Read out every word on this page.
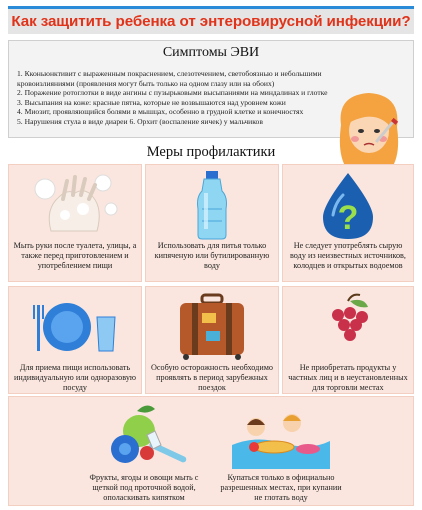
Как защитить ребенка от энтеровирусной инфекции?
Симптомы ЭВИ
1. Кконьюнктивит с выраженным покраснением, слезотечением, светобоязнью и небольшими кровоизлияниями (проявления могут быть только на одном глазу или на обоих)
2. Поражение ротоглотки в виде ангины с пузырьковыми высыпаниями на миндалинах и глотке
3. Высыпания на коже: красные пятна, которые не возвышаются над уровнем кожи
4. Миозит, проявляющийся болями в мышцах, особенно в грудной клетке и конечностях
5. Нарушения стула в виде диареи 6. Орхит (воспаление яичек) у мальчиков
Меры профилактики
Мыть руки после туалета, улицы, а также перед приготовлением и употреблением пищи
Использовать для питья только кипяченую или бутилированную воду
?
Не следует употреблять сырую воду из неизвестных источников, колодцев и открытых водоемов
Для приема пищи использовать индивидуальную или одноразовую посуду
Особую осторожность необходимо проявлять в период зарубежных поездок
Не приобретать продукты у частных лиц и в неустановленных для торговли местах
Фрукты, ягоды и овощи мыть с щеткой под проточной водой, ополаскивать кипятком
Купаться только в официально разрешенных местах, при купании не глотать воду
